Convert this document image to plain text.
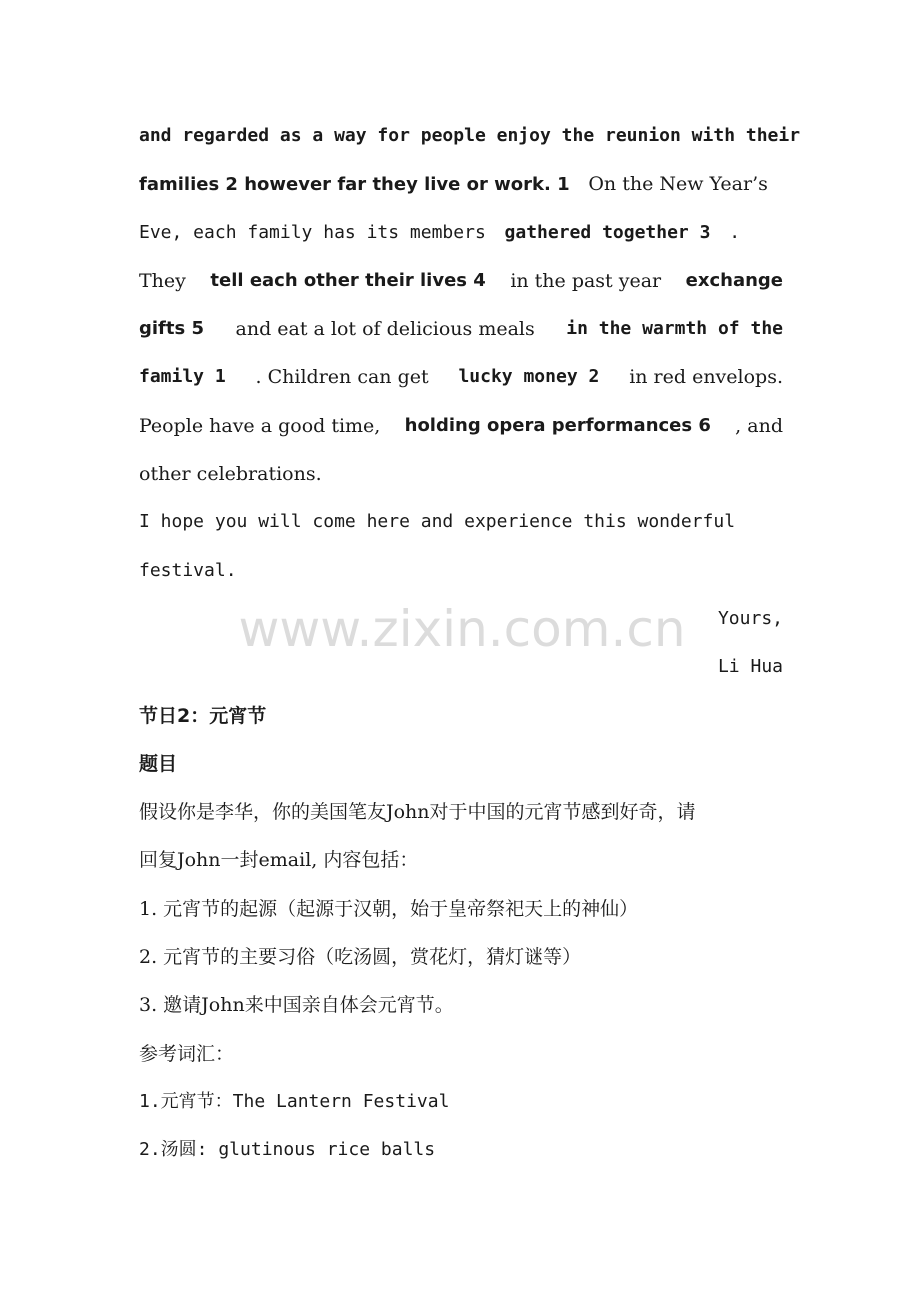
www.zixin.com.cn
and regarded as a way for people enjoy the reunion with their
families 2 however far they live or work. 1 On the New Year’s
Eve, each family has its members gathered together 3 .
They tell each other their lives 4 in the past year exchange
gifts 5 and eat a lot of delicious meals in the warmth of the
family 1 . Children can get lucky money 2 in red envelops.
People have a good time, holding opera performances 6 , and
other celebrations.
I hope you will come here and experience this wonderful
festival.
Yours,
Li Hua
节日2：元宵节
题目
假设你是李华，你的美国笔友John对于中国的元宵节感到好奇，请
回复John一封email, 内容包括：
1. 元宵节的起源（起源于汉朝，始于皇帝祭祀天上的神仙）
2. 元宵节的主要习俗（吃汤圆，赏花灯，猜灯谜等）
3. 邀请John来中国亲自体会元宵节。
参考词汇：
1.元宵节：The Lantern Festival
2.汤圆: glutinous rice balls
